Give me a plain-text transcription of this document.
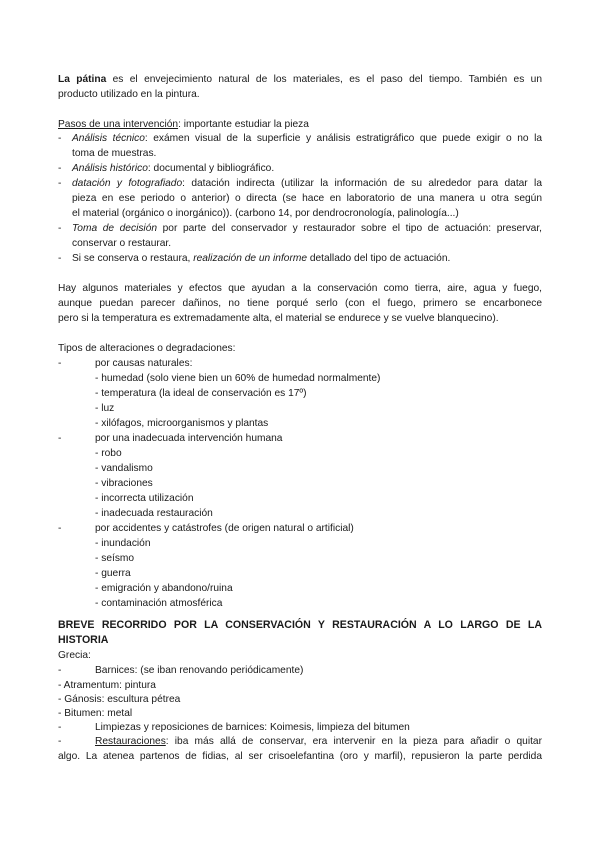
La pátina es el envejecimiento natural de los materiales, es el paso del tiempo. También es un
producto utilizado en la pintura.
Pasos de una intervención: importante estudiar la pieza
- Análisis técnico: exámen visual de la superficie y análisis estratigráfico que puede exigir o no la
toma de muestras.
- Análisis histórico: documental y bibliográfico.
- datación y fotografiado: datación indirecta (utilizar la información de su alrededor para datar la
pieza en ese periodo o anterior) o directa (se hace en laboratorio de una manera u otra según
el material (orgánico o inorgánico)). (carbono 14, por dendrocronología, palinología...)
- Toma de decisión por parte del conservador y restaurador sobre el tipo de actuación: preservar,
conservar o restaurar.
- Si se conserva o restaura, realización de un informe detallado del tipo de actuación.
Hay algunos materiales y efectos que ayudan a la conservación como tierra, aire, agua y fuego,
aunque puedan parecer dañinos, no tiene porqué serlo (con el fuego, primero se encarbonece
pero si la temperatura es extremadamente alta, el material se endurece y se vuelve blanquecino).
Tipos de alteraciones o degradaciones:
-	por causas naturales:
- humedad (solo viene bien un 60% de humedad normalmente)
- temperatura (la ideal de conservación es 17º)
- luz
- xilófagos, microorganismos y plantas
-	por una inadecuada intervención humana
- robo
- vandalismo
- vibraciones
- incorrecta utilización
- inadecuada restauración
-	por accidentes y catástrofes (de origen natural o artificial)
- inundación
- seísmo
- guerra
- emigración y abandono/ruina
- contaminación atmosférica
BREVE RECORRIDO POR LA CONSERVACIÓN Y RESTAURACIÓN A LO LARGO DE LA
HISTORIA
Grecia:
-	Barnices: (se iban renovando periódicamente)
- Atramentum: pintura
- Gánosis: escultura pétrea
- Bitumen: metal
-	Limpiezas y reposiciones de barnices: Koimesis, limpieza del bitumen
-	Restauraciones: iba más allá de conservar, era intervenir en la pieza para añadir o quitar
algo. La atenea partenos de fidias, al ser crisoelefantina (oro y marfil), repusieron la parte perdida
